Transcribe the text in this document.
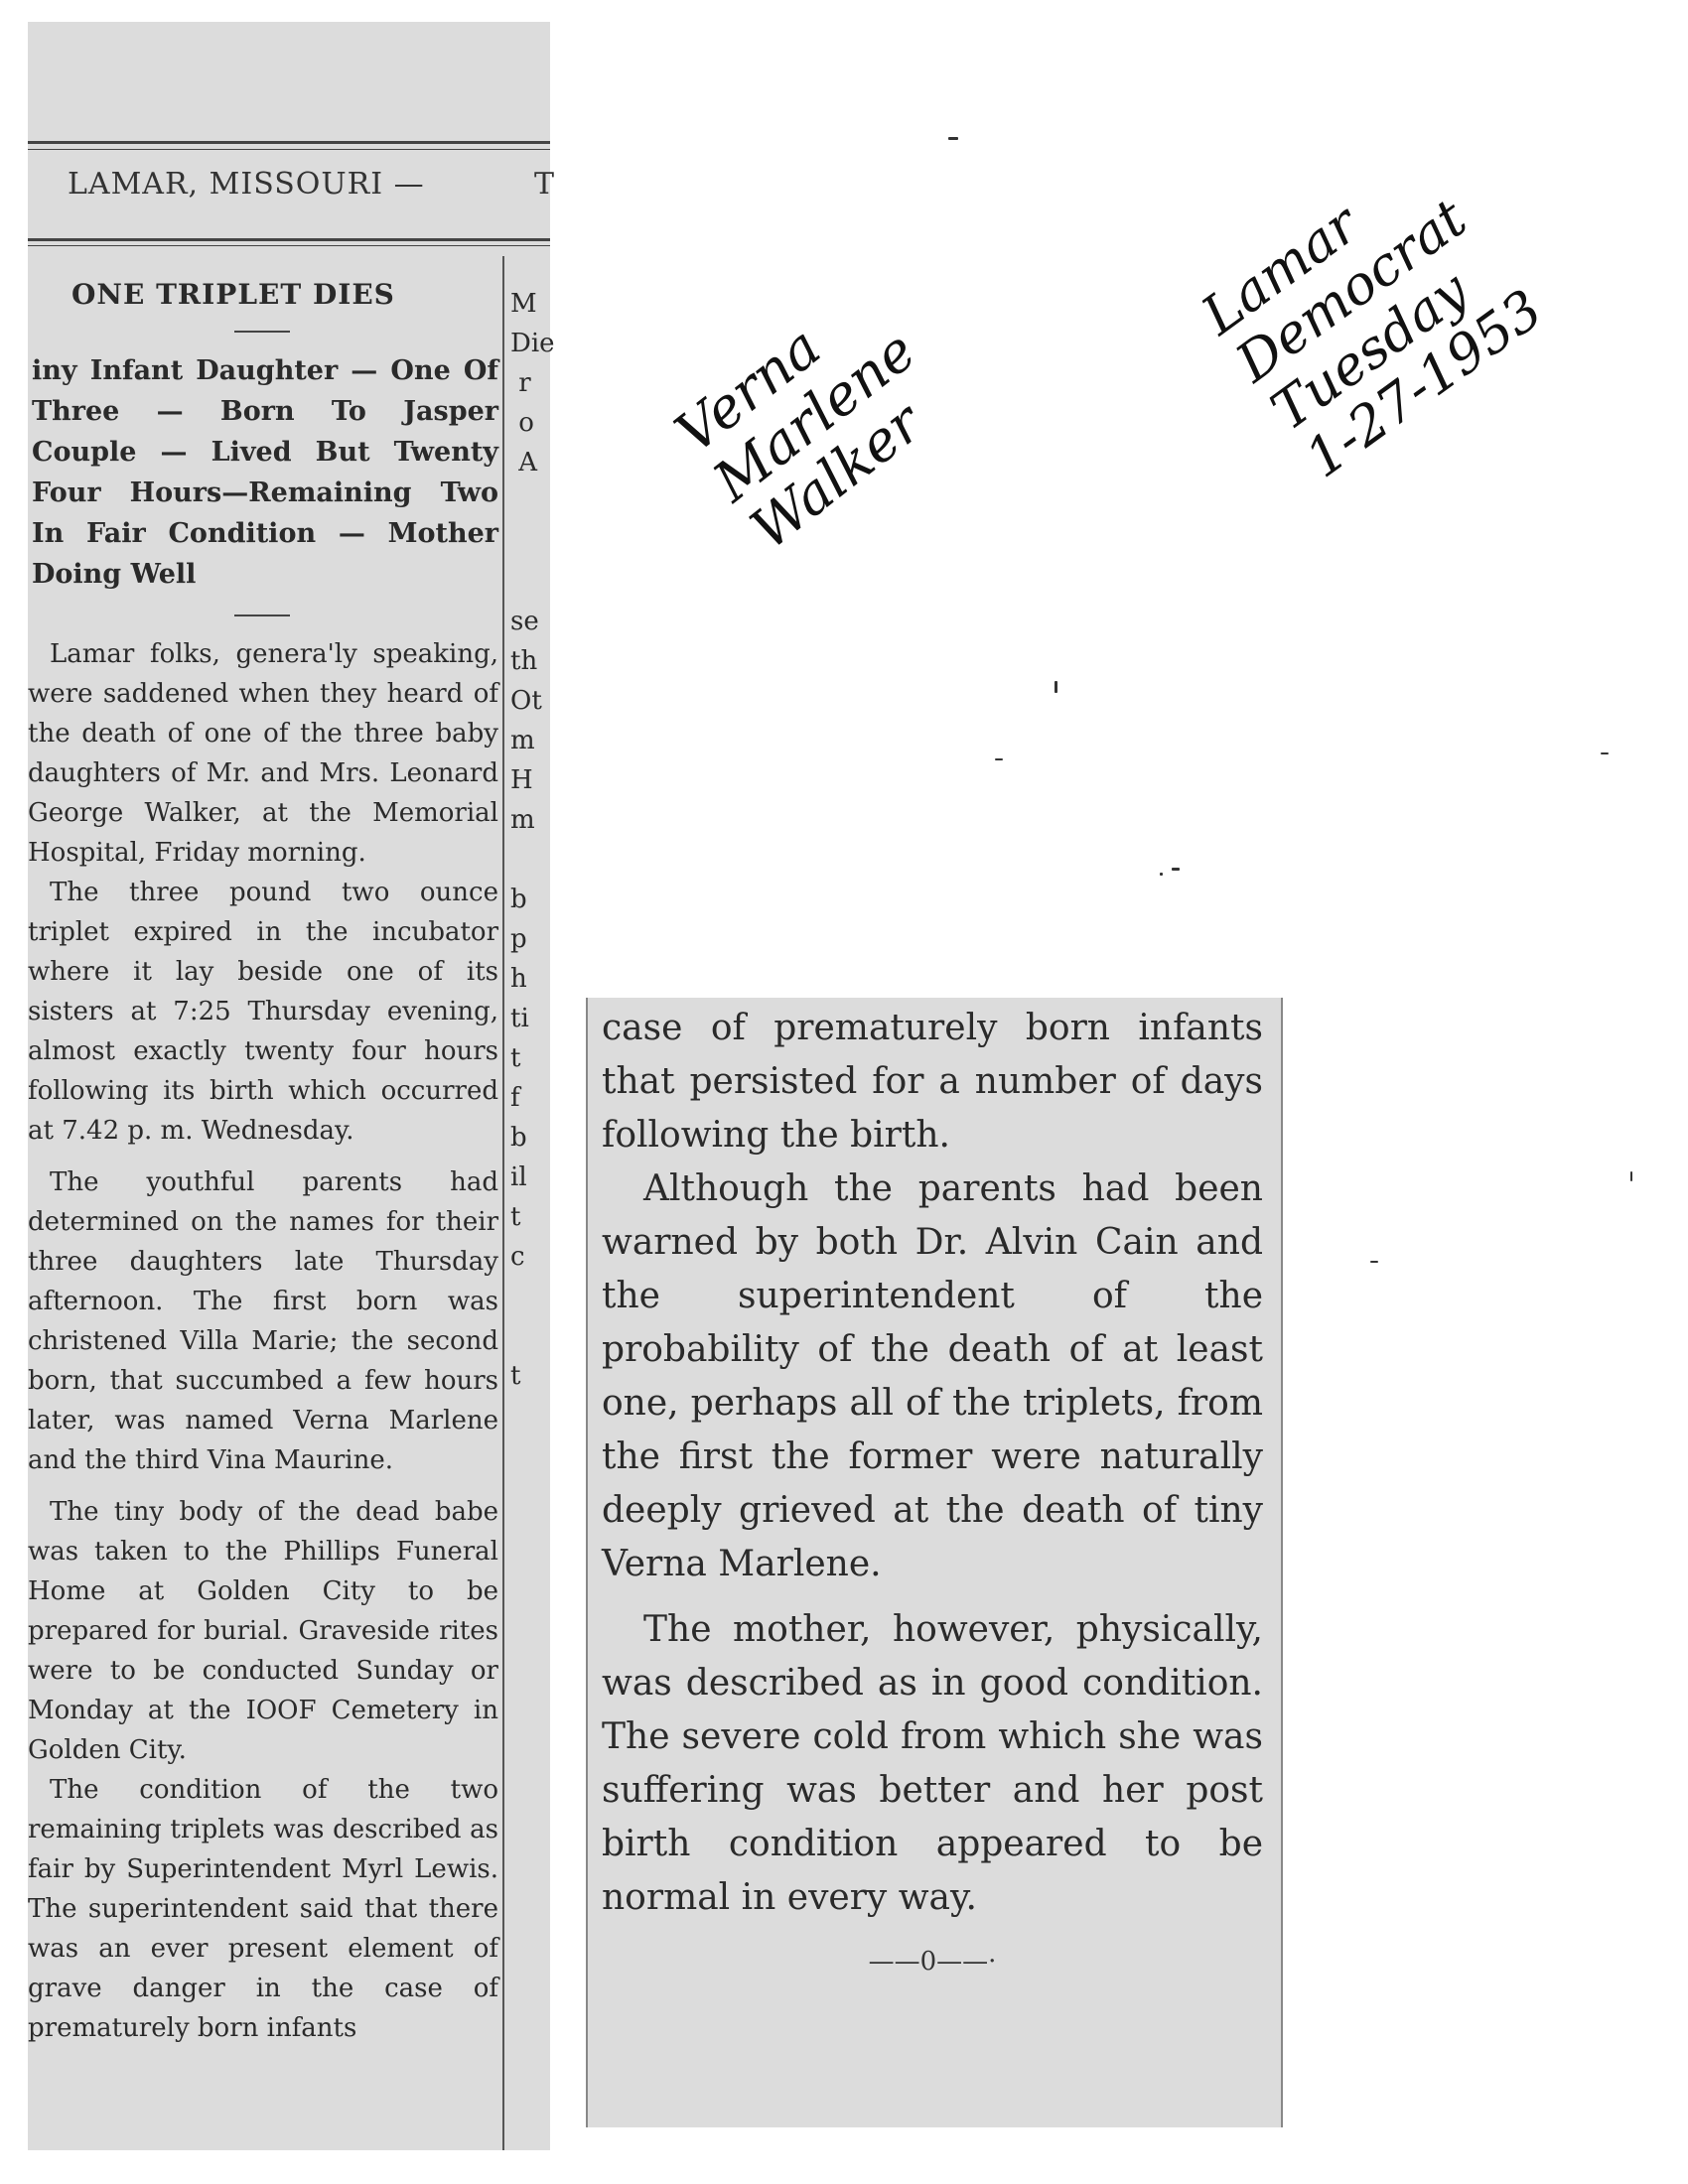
LAMAR, MISSOURI —	T
ONE TRIPLET DIES

iny Infant Daughter — One Of Three — Born To Jasper Couple — Lived But Twenty Four Hours—Remaining Two In Fair Condition — Mother Doing Well

Lamar folks, genera'ly speaking, were saddened when they heard of the death of one of the three baby daughters of Mr. and Mrs. Leonard George Walker, at the Memorial Hospital, Friday morning.

The three pound two ounce triplet expired in the incubator where it lay beside one of its sisters at 7:25 Thursday evening, almost exactly twenty four hours following its birth which occurred at 7.42 p. m. Wednesday.

The youthful parents had determined on the names for their three daughters late Thursday afternoon. The first born was christened Villa Marie; the second born, that succumbed a few hours later, was named Verna Marlene and the third Vina Maurine.

The tiny body of the dead babe was taken to the Phillips Funeral Home at Golden City to be prepared for burial. Graveside rites were to be conducted Sunday or Monday at the IOOF Cemetery in Golden City.

The condition of the two remaining triplets was described as fair by Superintendent Myrl Lewis. The superintendent said that there was an ever present element of grave danger in the case of prematurely born infants

M
Die
r
o
A

se
th
Ot
m
H
m

b
p
h
ti
t
f
b
il
t
c

t

case of prematurely born infants that persisted for a number of days following the birth.

Although the parents had been warned by both Dr. Alvin Cain and the superintendent of the probability of the death of at least one, perhaps all of the triplets, from the first the former were naturally deeply grieved at the death of tiny Verna Marlene.

The mother, however, physically, was described as in good condition. The severe cold from which she was suffering was better and her post birth condition appeared to be normal in every way.

——0——·
Verna
Marlene
Walker
Lamar
Democrat
Tuesday
1-27-1953
